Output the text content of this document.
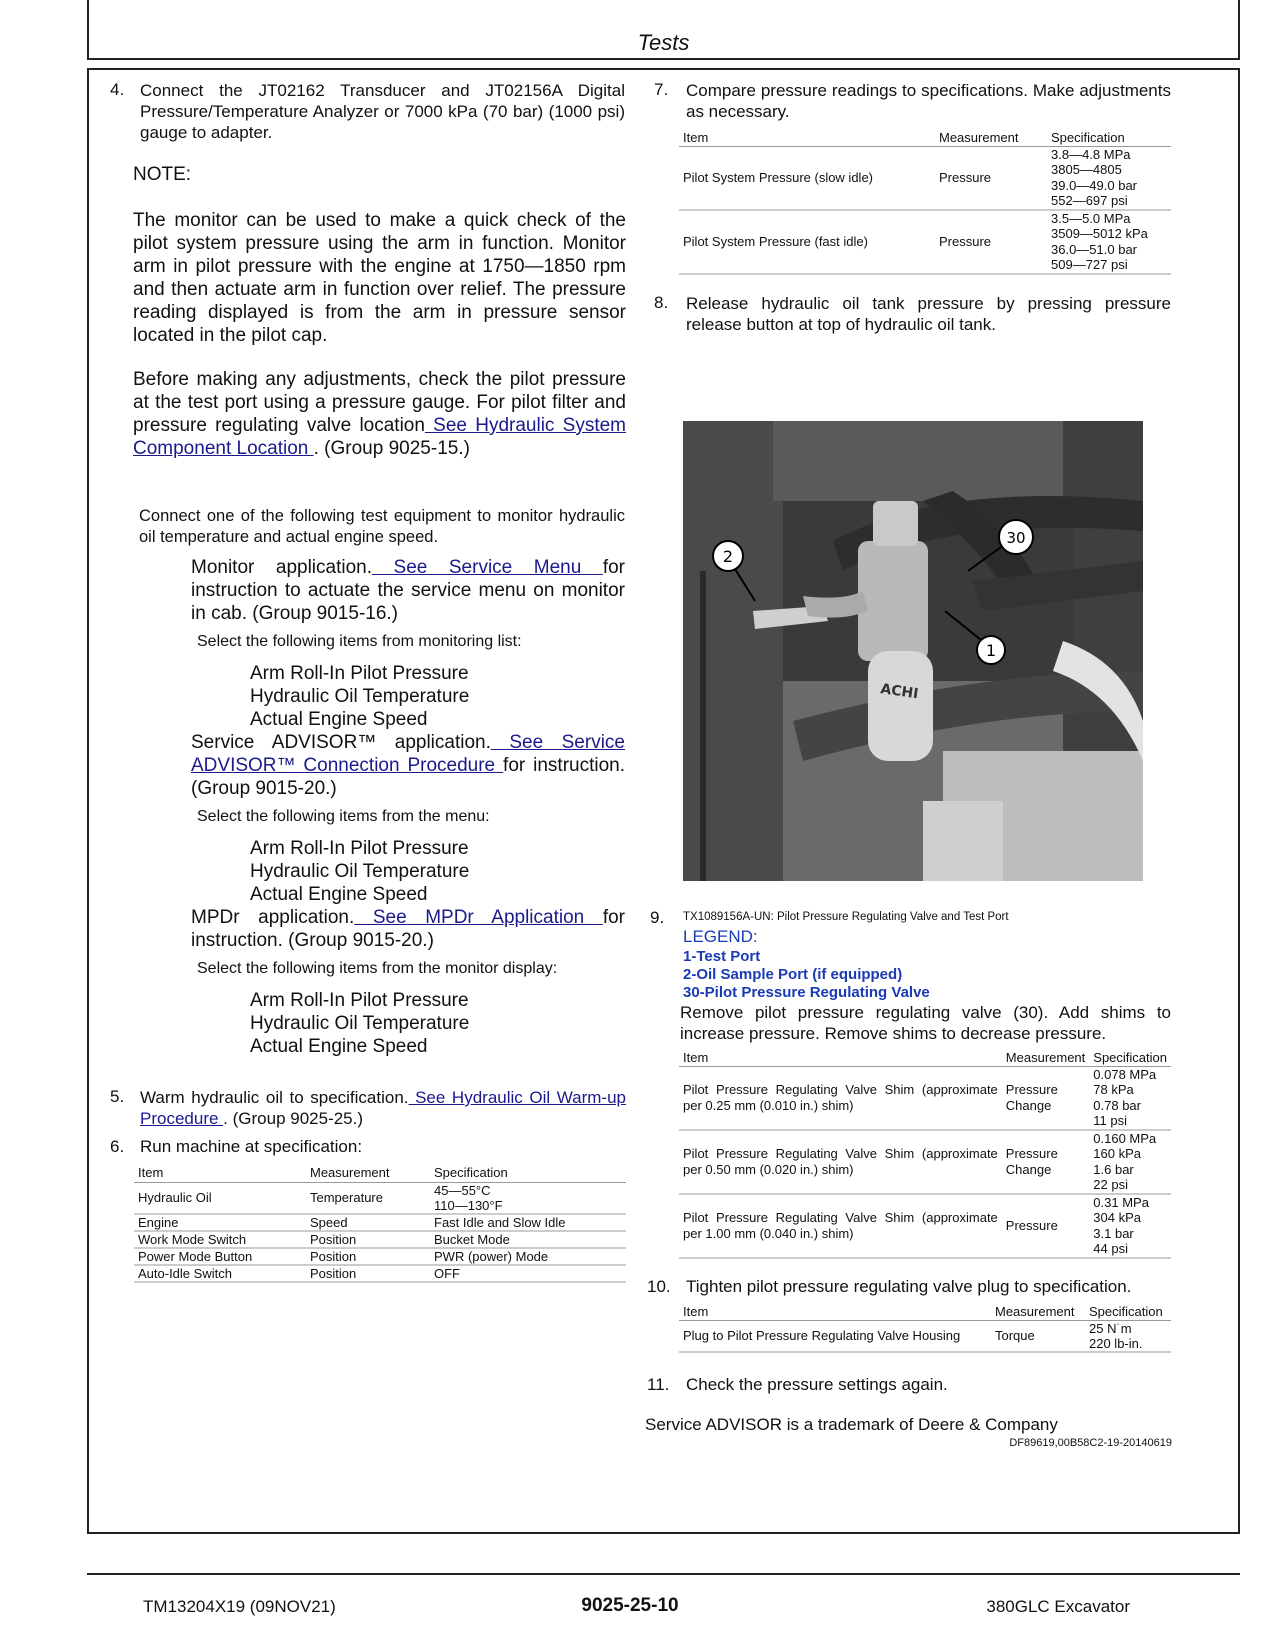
Tests
4. Connect the JT02162 Transducer and JT02156A Digital Pressure/Temperature Analyzer or 7000 kPa (70 bar) (1000 psi) gauge to adapter.
NOTE:
The monitor can be used to make a quick check of the pilot system pressure using the arm in function. Monitor arm in pilot pressure with the engine at 1750—1850 rpm and then actuate arm in function over relief. The pressure reading displayed is from the arm in pressure sensor located in the pilot cap.
Before making any adjustments, check the pilot pressure at the test port using a pressure gauge. For pilot filter and pressure regulating valve location See Hydraulic System Component Location . (Group 9025-15.)
Connect one of the following test equipment to monitor hydraulic oil temperature and actual engine speed.
Monitor application. See Service Menu for instruction to actuate the service menu on monitor in cab. (Group 9015-16.)
Select the following items from monitoring list:
Arm Roll-In Pilot Pressure
Hydraulic Oil Temperature
Actual Engine Speed
Service ADVISOR™ application. See Service ADVISOR™ Connection Procedure for instruction. (Group 9015-20.)
Select the following items from the menu:
Arm Roll-In Pilot Pressure
Hydraulic Oil Temperature
Actual Engine Speed
MPDr application. See MPDr Application for instruction. (Group 9015-20.)
Select the following items from the monitor display:
Arm Roll-In Pilot Pressure
Hydraulic Oil Temperature
Actual Engine Speed
5. Warm hydraulic oil to specification. See Hydraulic Oil Warm-up Procedure . (Group 9025-25.)
6. Run machine at specification:
Item	Measurement	Specification
Hydraulic Oil	Temperature	45—55°C
110—130°F
Engine	Speed	Fast Idle and Slow Idle
Work Mode Switch	Position	Bucket Mode
Power Mode Button	Position	PWR (power) Mode
Auto-Idle Switch	Position	OFF
7. Compare pressure readings to specifications. Make adjustments as necessary.
Item	Measurement	Specification
Pilot System Pressure (slow idle)	Pressure	3.8—4.8 MPa
3805—4805
39.0—49.0 bar
552—697 psi
Pilot System Pressure (fast idle)	Pressure	3.5—5.0 MPa
3509—5012 kPa
36.0—51.0 bar
509—727 psi
8. Release hydraulic oil tank pressure by pressing pressure release button at top of hydraulic oil tank.
ACHI
2
30
1
9. TX1089156A-UN: Pilot Pressure Regulating Valve and Test Port
LEGEND:
1-Test Port
2-Oil Sample Port (if equipped)
30-Pilot Pressure Regulating Valve
Remove pilot pressure regulating valve (30). Add shims to increase pressure. Remove shims to decrease pressure.
Item	Measurement	Specification
Pilot Pressure Regulating Valve Shim (approximate per 0.25 mm (0.010 in.) shim)	Pressure Change	0.078 MPa
78 kPa
0.78 bar
11 psi
Pilot Pressure Regulating Valve Shim (approximate per 0.50 mm (0.020 in.) shim)	Pressure Change	0.160 MPa
160 kPa
1.6 bar
22 psi
Pilot Pressure Regulating Valve Shim (approximate per 1.00 mm (0.040 in.) shim)	Pressure	0.31 MPa
304 kPa
3.1 bar
44 psi
10. Tighten pilot pressure regulating valve plug to specification.
Item	Measurement	Specification
Plug to Pilot Pressure Regulating Valve Housing	Torque	25 N˙m
220 lb-in.
11. Check the pressure settings again.
Service ADVISOR is a trademark of Deere & Company
DF89619,00B58C2-19-20140619
TM13204X19 (09NOV21)	9025-25-10	380GLC Excavator
